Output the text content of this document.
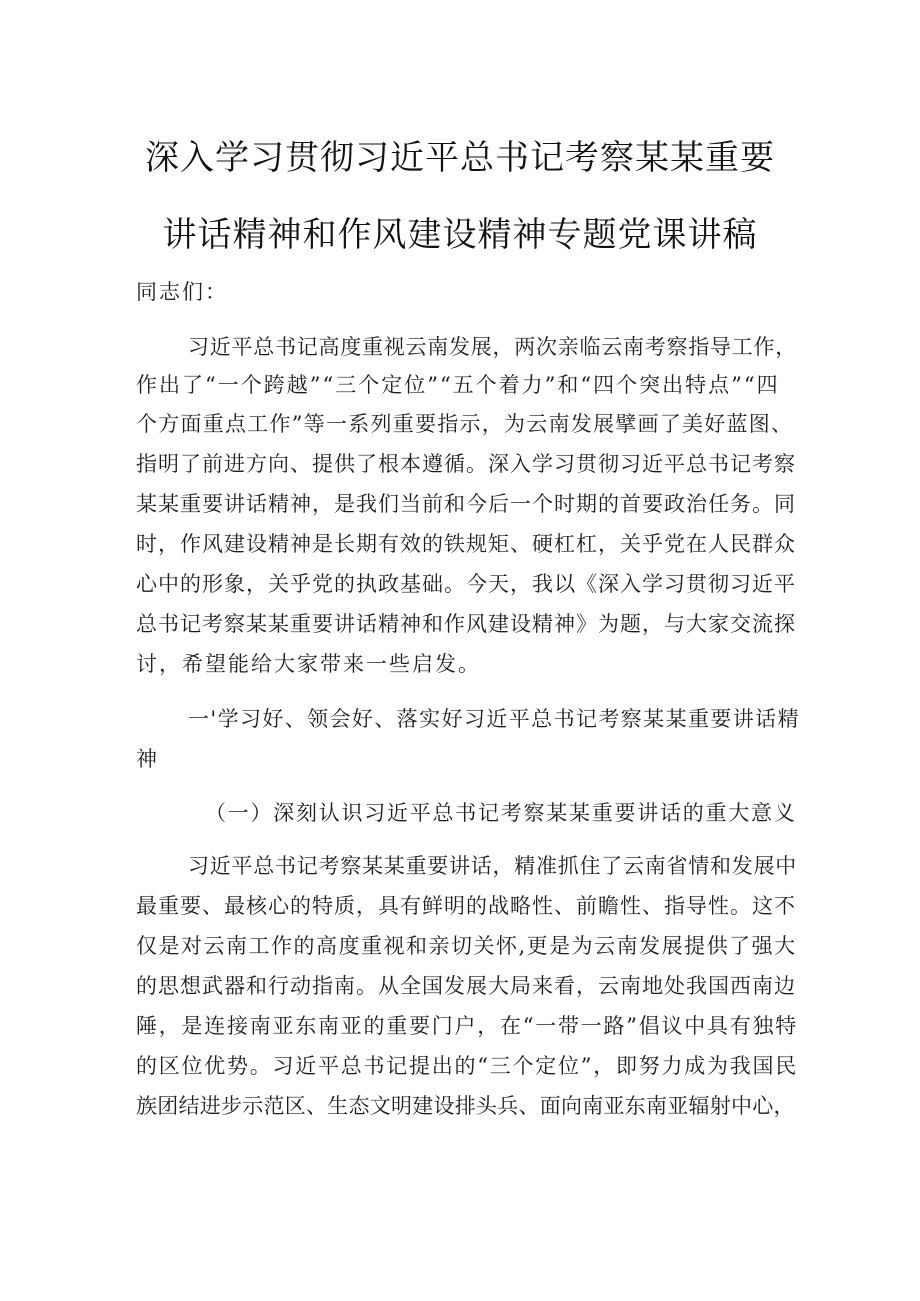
深入学习贯彻习近平总书记考察某某重要
讲话精神和作风建设精神专题党课讲稿
同志们：
习近平总书记高度重视云南发展，两次亲临云南考察指导工作，
作出了“一个跨越”“三个定位”“五个着力”和“四个突出特点”“四
个方面重点工作”等一系列重要指示，为云南发展擘画了美好蓝图、
指明了前进方向、提供了根本遵循。深入学习贯彻习近平总书记考察
某某重要讲话精神，是我们当前和今后一个时期的首要政治任务。同
时，作风建设精神是长期有效的铁规矩、硬杠杠，关乎党在人民群众
心中的形象，关乎党的执政基础。今天，我以《深入学习贯彻习近平
总书记考察某某重要讲话精神和作风建设精神》为题，与大家交流探
讨，希望能给大家带来一些启发。
一'学习好、领会好、落实好习近平总书记考察某某重要讲话精
神
（一）深刻认识习近平总书记考察某某重要讲话的重大意义
习近平总书记考察某某重要讲话，精准抓住了云南省情和发展中
最重要、最核心的特质，具有鲜明的战略性、前瞻性、指导性。这不
仅是对云南工作的高度重视和亲切关怀,更是为云南发展提供了强大
的思想武器和行动指南。从全国发展大局来看，云南地处我国西南边
陲，是连接南亚东南亚的重要门户，在“一带一路”倡议中具有独特
的区位优势。习近平总书记提出的“三个定位”，即努力成为我国民
族团结进步示范区、生态文明建设排头兵、面向南亚东南亚辐射中心，
